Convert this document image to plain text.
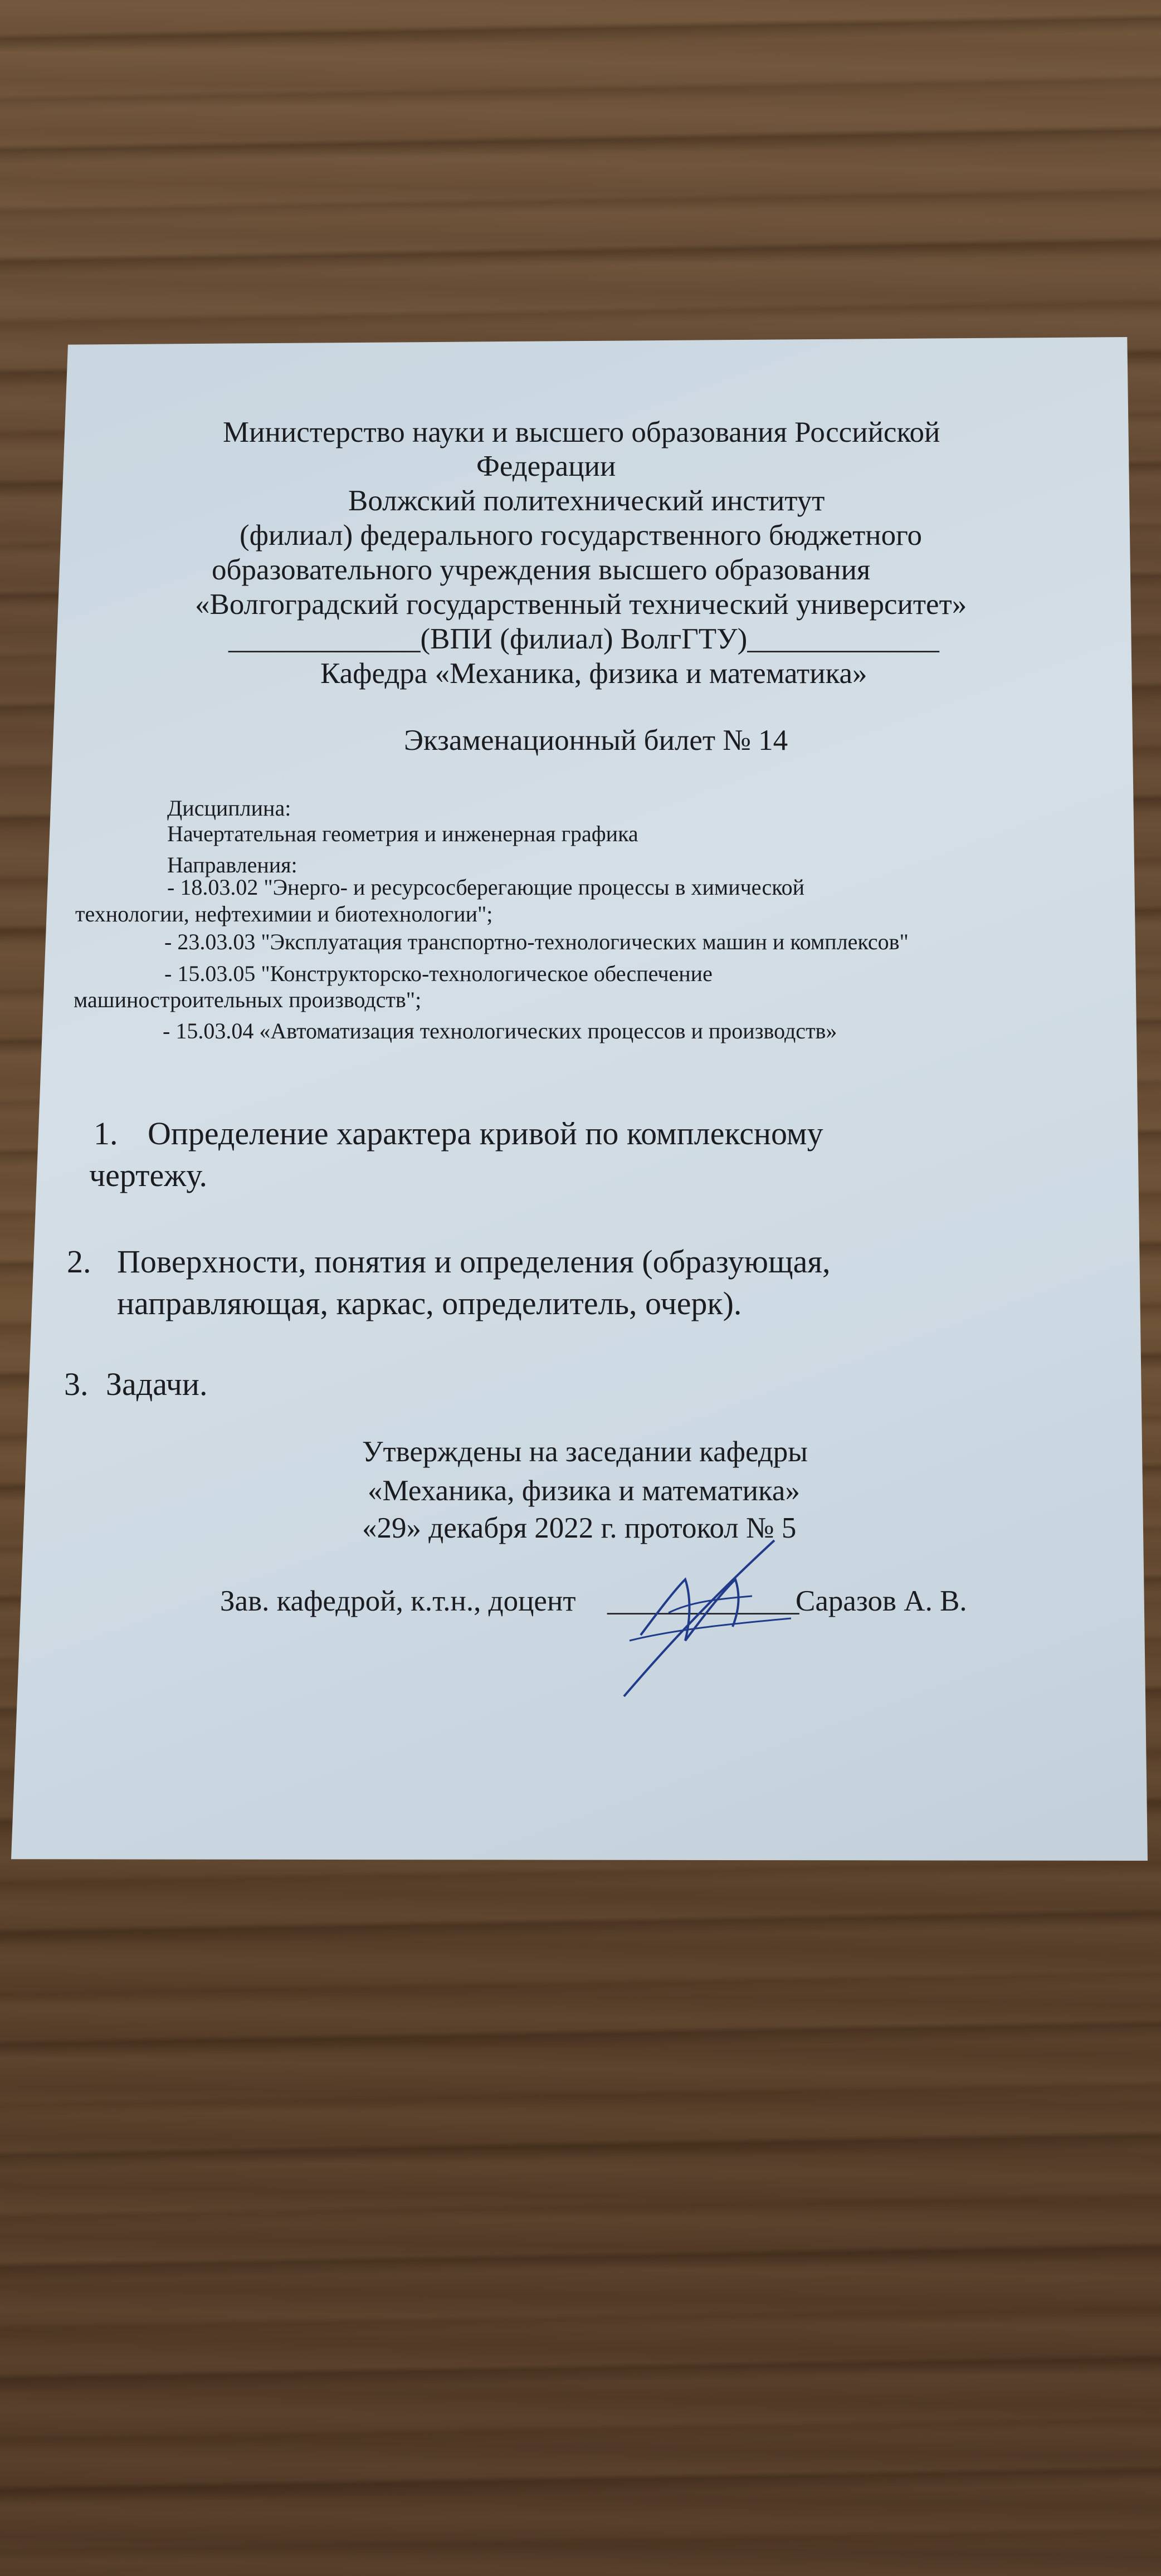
Министерство науки и высшего образования Российской
Федерации
Волжский политехнический институт
(филиал) федерального государственного бюджетного
образовательного учреждения высшего образования
«Волгоградский государственный технический университет»
_____________(ВПИ (филиал) ВолгГТУ)_____________
Кафедра «Механика, физика и математика»
Экзаменационный билет № 14
Дисциплина:
Начертательная геометрия и инженерная графика
Направления:
- 18.03.02 "Энерго- и ресурсосберегающие процессы в химической
технологии, нефтехимии и биотехнологии";
- 23.03.03 "Эксплуатация транспортно-технологических машин и комплексов"
- 15.03.05 "Конструкторско-технологическое обеспечение
машиностроительных производств";
- 15.03.04 «Автоматизация технологических процессов и производств»
1. Определение характера кривой по комплексному
чертежу.
2. Поверхности, понятия и определения (образующая,
направляющая, каркас, определитель, очерк).
3. Задачи.
Утверждены на заседании кафедры
«Механика, физика и математика»
«29» декабря 2022 г. протокол № 5
Зав. кафедрой, к.т.н., доцент _____________
Саразов А. В.
